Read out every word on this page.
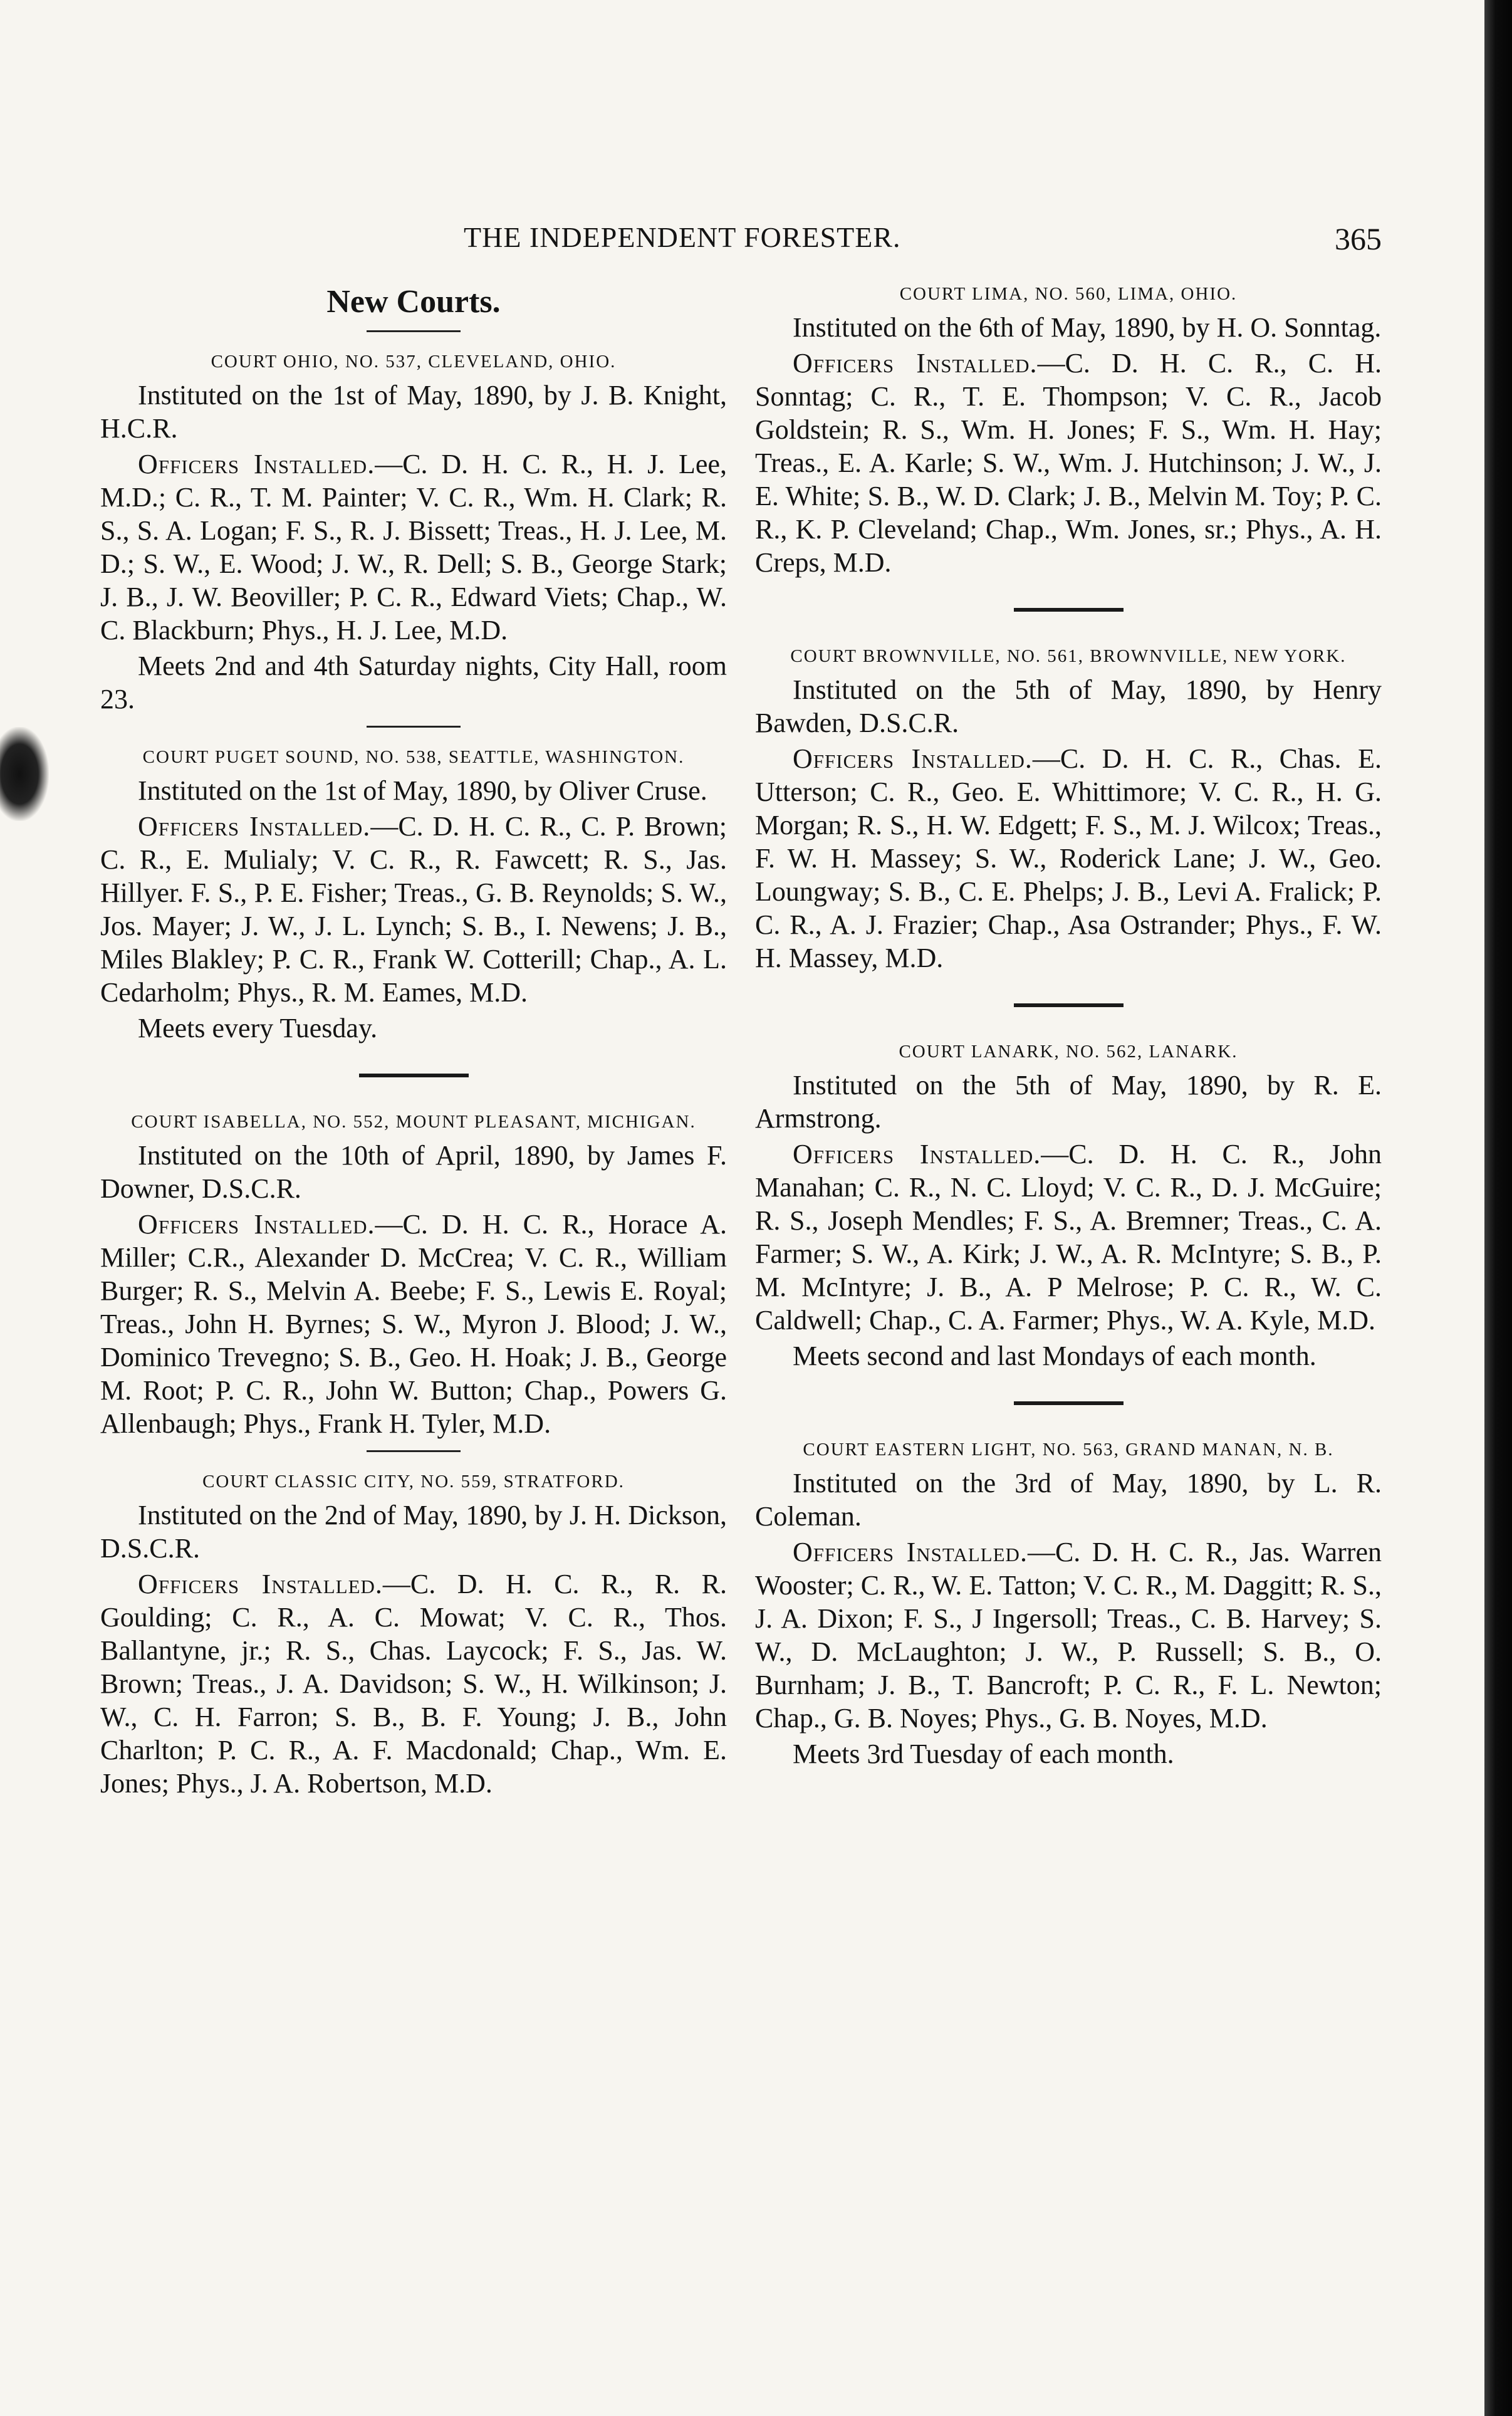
THE INDEPENDENT FORESTER.	365
New Courts.
COURT OHIO, NO. 537, CLEVELAND, OHIO.

Instituted on the 1st of May, 1890, by J. B. Knight, H.C.R.

Officers Installed.—C. D. H. C. R., H. J. Lee, M.D.; C. R., T. M. Painter; V. C. R., Wm. H. Clark; R. S., S. A. Logan; F. S., R. J. Bissett; Treas., H. J. Lee, M. D.; S. W., E. Wood; J. W., R. Dell; S. B., George Stark; J. B., J. W. Beoviller; P. C. R., Edward Viets; Chap., W. C. Blackburn; Phys., H. J. Lee, M.D.

Meets 2nd and 4th Saturday nights, City Hall, room 23.

COURT PUGET SOUND, NO. 538, SEATTLE, WASHINGTON.

Instituted on the 1st of May, 1890, by Oliver Cruse.

Officers Installed.—C. D. H. C. R., C. P. Brown; C. R., E. Mulialy; V. C. R., R. Fawcett; R. S., Jas. Hillyer. F. S., P. E. Fisher; Treas., G. B. Reynolds; S. W., Jos. Mayer; J. W., J. L. Lynch; S. B., I. Newens; J. B., Miles Blakley; P. C. R., Frank W. Cotterill; Chap., A. L. Cedarholm; Phys., R. M. Eames, M.D.

Meets every Tuesday.

COURT ISABELLA, NO. 552, MOUNT PLEASANT, MICHIGAN.

Instituted on the 10th of April, 1890, by James F. Downer, D.S.C.R.

Officers Installed.—C. D. H. C. R., Horace A. Miller; C.R., Alexander D. McCrea; V. C. R., William Burger; R. S., Melvin A. Beebe; F. S., Lewis E. Royal; Treas., John H. Byrnes; S. W., Myron J. Blood; J. W., Dominico Trevegno; S. B., Geo. H. Hoak; J. B., George M. Root; P. C. R., John W. Button; Chap., Powers G. Allenbaugh; Phys., Frank H. Tyler, M.D.

COURT CLASSIC CITY, NO. 559, STRATFORD.

Instituted on the 2nd of May, 1890, by J. H. Dickson, D.S.C.R.

Officers Installed.—C. D. H. C. R., R. R. Goulding; C. R., A. C. Mowat; V. C. R., Thos. Ballantyne, jr.; R. S., Chas. Laycock; F. S., Jas. W. Brown; Treas., J. A. Davidson; S. W., H. Wilkinson; J. W., C. H. Farron; S. B., B. F. Young; J. B., John Charlton; P. C. R., A. F. Macdonald; Chap., Wm. E. Jones; Phys., J. A. Robertson, M.D.

COURT LIMA, NO. 560, LIMA, OHIO.

Instituted on the 6th of May, 1890, by H. O. Sonntag.

Officers Installed.—C. D. H. C. R., C. H. Sonntag; C. R., T. E. Thompson; V. C. R., Jacob Goldstein; R. S., Wm. H. Jones; F. S., Wm. H. Hay; Treas., E. A. Karle; S. W., Wm. J. Hutchinson; J. W., J. E. White; S. B., W. D. Clark; J. B., Melvin M. Toy; P. C. R., K. P. Cleveland; Chap., Wm. Jones, sr.; Phys., A. H. Creps, M.D.

COURT BROWNVILLE, NO. 561, BROWNVILLE, NEW YORK.

Instituted on the 5th of May, 1890, by Henry Bawden, D.S.C.R.

Officers Installed.—C. D. H. C. R., Chas. E. Utterson; C. R., Geo. E. Whittimore; V. C. R., H. G. Morgan; R. S., H. W. Edgett; F. S., M. J. Wilcox; Treas., F. W. H. Massey; S. W., Roderick Lane; J. W., Geo. Loungway; S. B., C. E. Phelps; J. B., Levi A. Fralick; P. C. R., A. J. Frazier; Chap., Asa Ostrander; Phys., F. W. H. Massey, M.D.

COURT LANARK, NO. 562, LANARK.

Instituted on the 5th of May, 1890, by R. E. Armstrong.

Officers Installed.—C. D. H. C. R., John Manahan; C. R., N. C. Lloyd; V. C. R., D. J. McGuire; R. S., Joseph Mendles; F. S., A. Bremner; Treas., C. A. Farmer; S. W., A. Kirk; J. W., A. R. McIntyre; S. B., P. M. McIntyre; J. B., A. P Melrose; P. C. R., W. C. Caldwell; Chap., C. A. Farmer; Phys., W. A. Kyle, M.D.

Meets second and last Mondays of each month.

COURT EASTERN LIGHT, NO. 563, GRAND MANAN, N. B.

Instituted on the 3rd of May, 1890, by L. R. Coleman.

Officers Installed.—C. D. H. C. R., Jas. Warren Wooster; C. R., W. E. Tatton; V. C. R., M. Daggitt; R. S., J. A. Dixon; F. S., J Ingersoll; Treas., C. B. Harvey; S. W., D. McLaughton; J. W., P. Russell; S. B., O. Burnham; J. B., T. Bancroft; P. C. R., F. L. Newton; Chap., G. B. Noyes; Phys., G. B. Noyes, M.D.

Meets 3rd Tuesday of each month.
